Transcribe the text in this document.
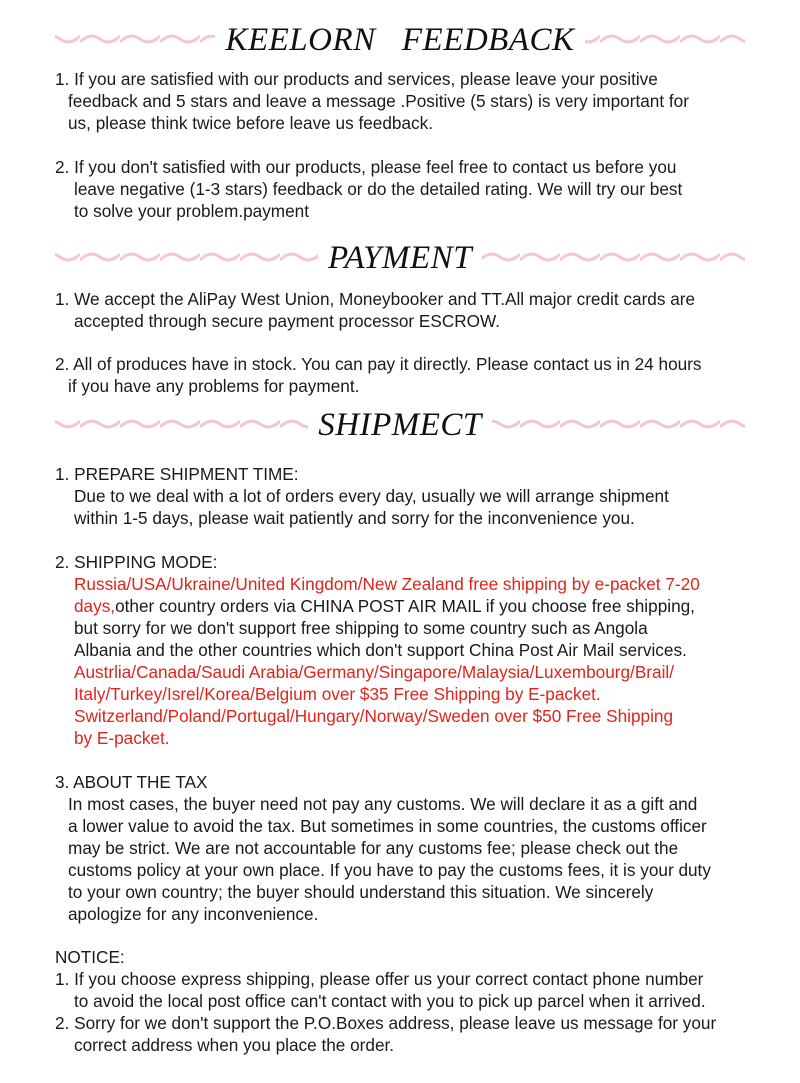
KEELORN   FEEDBACK
1. If you are satisfied with our products and services, please leave your positive
feedback and 5 stars and leave a message .Positive (5 stars) is very important for
us, please think twice before leave us feedback.
2. If you don't satisfied with our products, please feel free to contact us before you
leave negative (1-3 stars) feedback or do the detailed rating. We will try our best
to solve your problem.payment
PAYMENT
1. We accept the AliPay West Union, Moneybooker and TT.All major credit cards are
accepted through secure payment processor ESCROW.
2. All of produces have in stock. You can pay it directly. Please contact us in 24 hours
if you have any problems for payment.
SHIPMECT
1. PREPARE SHIPMENT TIME:
Due to we deal with a lot of orders every day, usually we will arrange shipment
within 1-5 days, please wait patiently and sorry for the inconvenience you.
2. SHIPPING MODE:
Russia/USA/Ukraine/United Kingdom/New Zealand free shipping by e-packet 7-20
days,other country orders via CHINA POST AIR MAIL if you choose free shipping,
but sorry for we don't support free shipping to some country such as Angola
Albania and the other countries which don't support China Post Air Mail services.
Austrlia/Canada/Saudi Arabia/Germany/Singapore/Malaysia/Luxembourg/Brail/
Italy/Turkey/Isrel/Korea/Belgium over $35 Free Shipping by E-packet.
Switzerland/Poland/Portugal/Hungary/Norway/Sweden over $50 Free Shipping
by E-packet.
3. ABOUT THE TAX
In most cases, the buyer need not pay any customs. We will declare it as a gift and
a lower value to avoid the tax. But sometimes in some countries, the customs officer
may be strict. We are not accountable for any customs fee; please check out the
customs policy at your own place. If you have to pay the customs fees, it is your duty
to your own country; the buyer should understand this situation. We sincerely
apologize for any inconvenience.
NOTICE:
1. If you choose express shipping, please offer us your correct contact phone number
to avoid the local post office can't contact with you to pick up parcel when it arrived.
2. Sorry for we don't support the P.O.Boxes address, please leave us message for your
correct address when you place the order.
